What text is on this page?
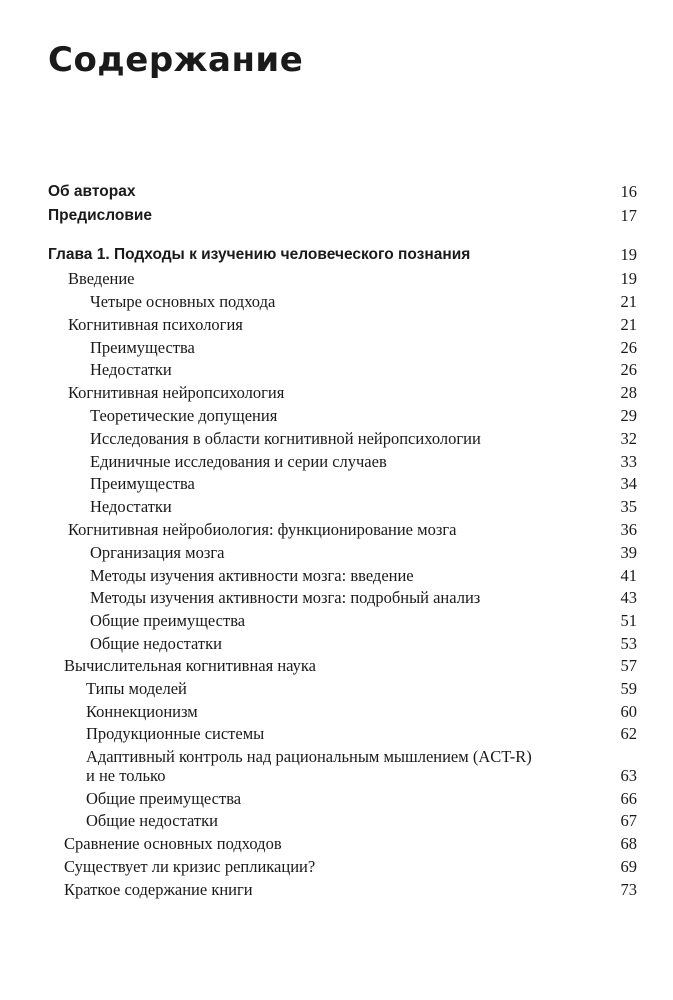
Содержание
Об авторах	16
Предисловие	17
Глава 1. Подходы к изучению человеческого познания	19
Введение	19
Четыре основных подхода	21
Когнитивная психология	21
Преимущества	26
Недостатки	26
Когнитивная нейропсихология	28
Теоретические допущения	29
Исследования в области когнитивной нейропсихологии	32
Единичные исследования и серии случаев	33
Преимущества	34
Недостатки	35
Когнитивная нейробиология: функционирование мозга	36
Организация мозга	39
Методы изучения активности мозга: введение	41
Методы изучения активности мозга: подробный анализ	43
Общие преимущества	51
Общие недостатки	53
Вычислительная когнитивная наука	57
Типы моделей	59
Коннекционизм	60
Продукционные системы	62
Адаптивный контроль над рациональным мышлением (ACT-R)
и не только	63
Общие преимущества	66
Общие недостатки	67
Сравнение основных подходов	68
Существует ли кризис репликации?	69
Краткое содержание книги	73
